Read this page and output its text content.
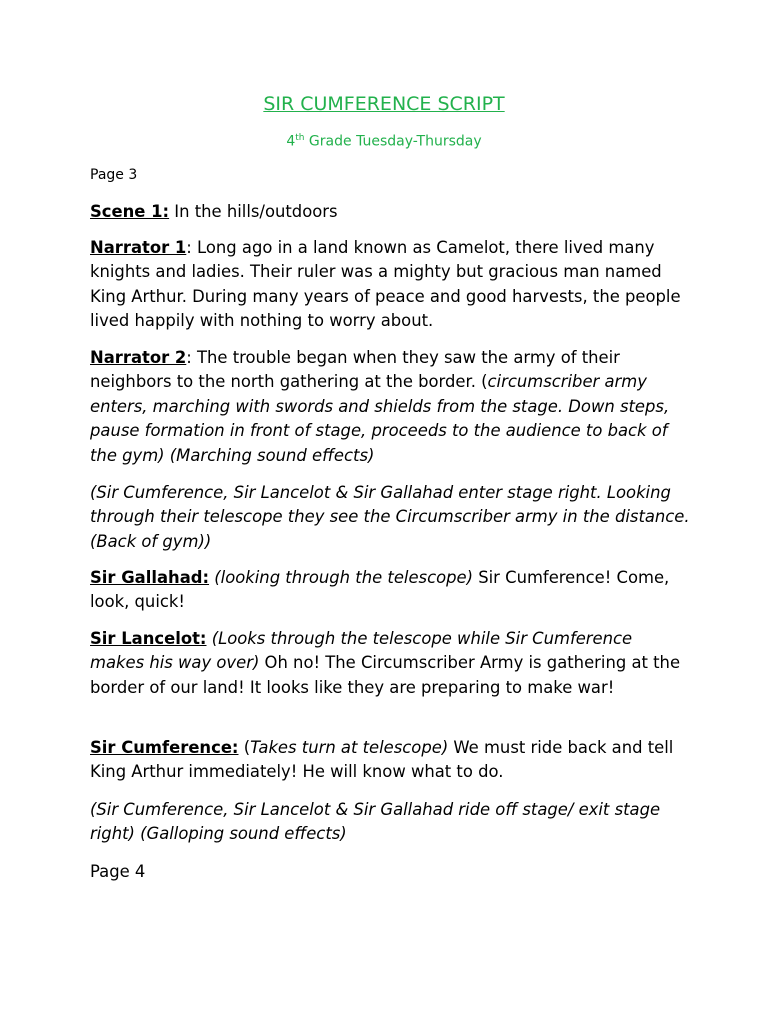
SIR CUMFERENCE SCRIPT
4th Grade Tuesday-Thursday
Page 3
Scene 1: In the hills/outdoors
Narrator 1: Long ago in a land known as Camelot, there lived many knights and ladies. Their ruler was a mighty but gracious man named King Arthur. During many years of peace and good harvests, the people lived happily with nothing to worry about.
Narrator 2: The trouble began when they saw the army of their neighbors to the north gathering at the border. (circumscriber army enters, marching with swords and shields from the stage. Down steps, pause formation in front of stage, proceeds to the audience to back of the gym) (Marching sound effects)
(Sir Cumference, Sir Lancelot & Sir Gallahad enter stage right. Looking through their telescope they see the Circumscriber army in the distance. (Back of gym))
Sir Gallahad: (looking through the telescope) Sir Cumference! Come, look, quick!
Sir Lancelot: (Looks through the telescope while Sir Cumference makes his way over) Oh no! The Circumscriber Army is gathering at the border of our land! It looks like they are preparing to make war!
Sir Cumference: (Takes turn at telescope) We must ride back and tell King Arthur immediately! He will know what to do.
(Sir Cumference, Sir Lancelot & Sir Gallahad ride off stage/ exit stage right) (Galloping sound effects)
Page 4
